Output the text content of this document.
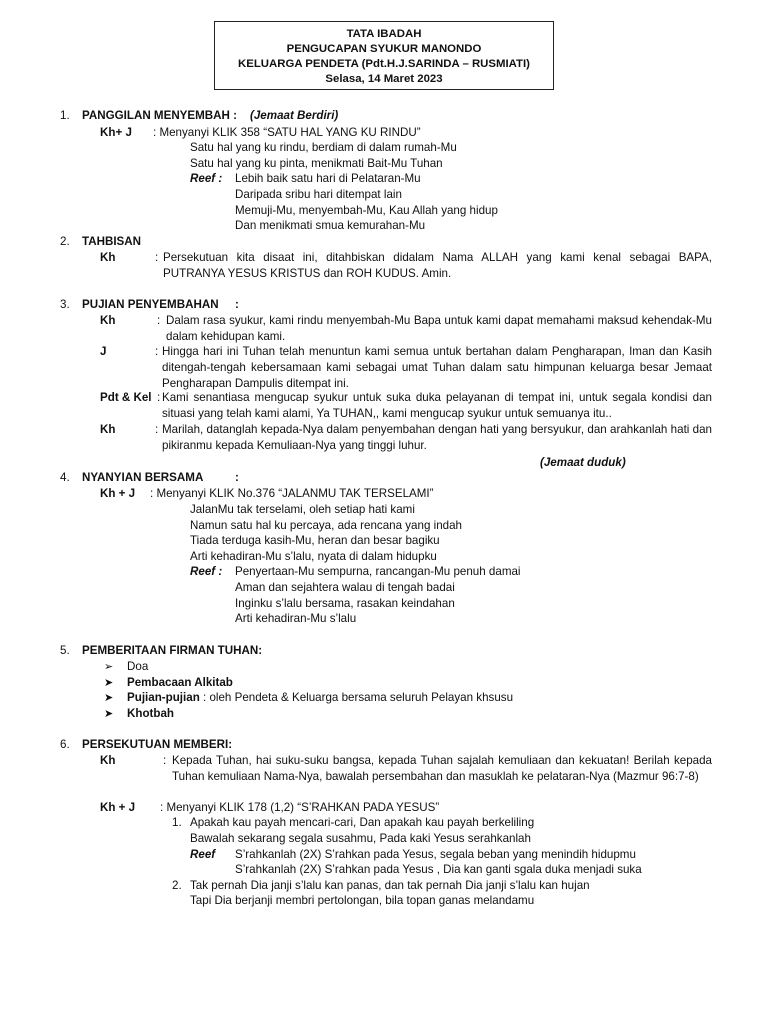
TATA IBADAH
PENGUCAPAN SYUKUR MANONDO
KELUARGA PENDETA (Pdt.H.J.SARINDA – RUSMIATI)
Selasa, 14 Maret 2023
1. PANGGILAN MENYEMBAH : (Jemaat Berdiri)
Kh+ J : Menyanyi KLIK 358 “SATU HAL YANG KU RINDU”
Satu hal yang ku rindu, berdiam di dalam rumah-Mu
Satu hal yang ku pinta, menikmati Bait-Mu Tuhan
Reef : Lebih baik satu hari di Pelataran-Mu
Daripada sribu hari ditempat lain
Memuji-Mu, menyembah-Mu, Kau Allah yang hidup
Dan menikmati smua kemurahan-Mu
2. TAHBISAN
Kh	: Persekutuan kita disaat ini, ditahbiskan didalam Nama ALLAH yang kami kenal sebagai BAPA, PUTRANYA YESUS KRISTUS dan ROH KUDUS. Amin.
3. PUJIAN PENYEMBAHAN :
Kh	: Dalam rasa syukur, kami rindu menyembah-Mu Bapa untuk kami dapat memahami maksud kehendak-Mu dalam kehidupan kami.
J	: Hingga hari ini Tuhan telah menuntun kami semua untuk bertahan dalam Pengharapan, Iman dan Kasih ditengah-tengah kebersamaan kami sebagai umat Tuhan dalam satu himpunan keluarga besar Jemaat Pengharapan Dampulis ditempat ini.
Pdt & Kel : Kami senantiasa mengucap syukur untuk suka duka pelayanan di tempat ini, untuk segala kondisi dan situasi yang telah kami alami, Ya TUHAN,, kami mengucap syukur untuk semuanya itu..
Kh	: Marilah, datanglah kepada-Nya dalam penyembahan dengan hati yang bersyukur, dan arahkanlah hati dan pikiranmu kepada Kemuliaan-Nya yang tinggi luhur.
(Jemaat duduk)
4. NYANYIAN BERSAMA	:
Kh + J : Menyanyi KLIK No.376 “JALANMU TAK TERSELAMI”
JalanMu tak terselami, oleh setiap hati kami
Namun satu hal ku percaya, ada rencana yang indah
Tiada terduga kasih-Mu, heran dan besar bagiku
Arti kehadiran-Mu s’lalu, nyata di dalam hidupku
Reef : Penyertaan-Mu sempurna, rancangan-Mu penuh damai
Aman dan sejahtera walau di tengah badai
Inginku s’lalu bersama, rasakan keindahan
Arti kehadiran-Mu s’lalu
5. PEMBERITAAN FIRMAN TUHAN:
➢ Doa
➤ Pembacaan Alkitab
➤ Pujian-pujian : oleh Pendeta & Keluarga bersama seluruh Pelayan khsusu
➤ Khotbah
6. PERSEKUTUAN MEMBERI:
Kh	: Kepada Tuhan, hai suku-suku bangsa, kepada Tuhan sajalah kemuliaan dan kekuatan! Berilah kepada Tuhan kemuliaan Nama-Nya, bawalah persembahan dan masuklah ke pelataran-Nya (Mazmur 96:7-8)
Kh + J : Menyanyi KLIK 178 (1,2) “S’RAHKAN PADA YESUS”
1. Apakah kau payah mencari-cari, Dan apakah kau payah berkeliling
Bawalah sekarang segala susahmu, Pada kaki Yesus serahkanlah
Reef S’rahkanlah (2X) S’rahkan pada Yesus, segala beban yang menindih hidupmu
S’rahkanlah (2X) S’rahkan pada Yesus , Dia kan ganti sgala duka menjadi suka
2. Tak pernah Dia janji s’lalu kan panas, dan tak pernah Dia janji s’lalu kan hujan
Tapi Dia berjanji membri pertolongan, bila topan ganas melandamu
